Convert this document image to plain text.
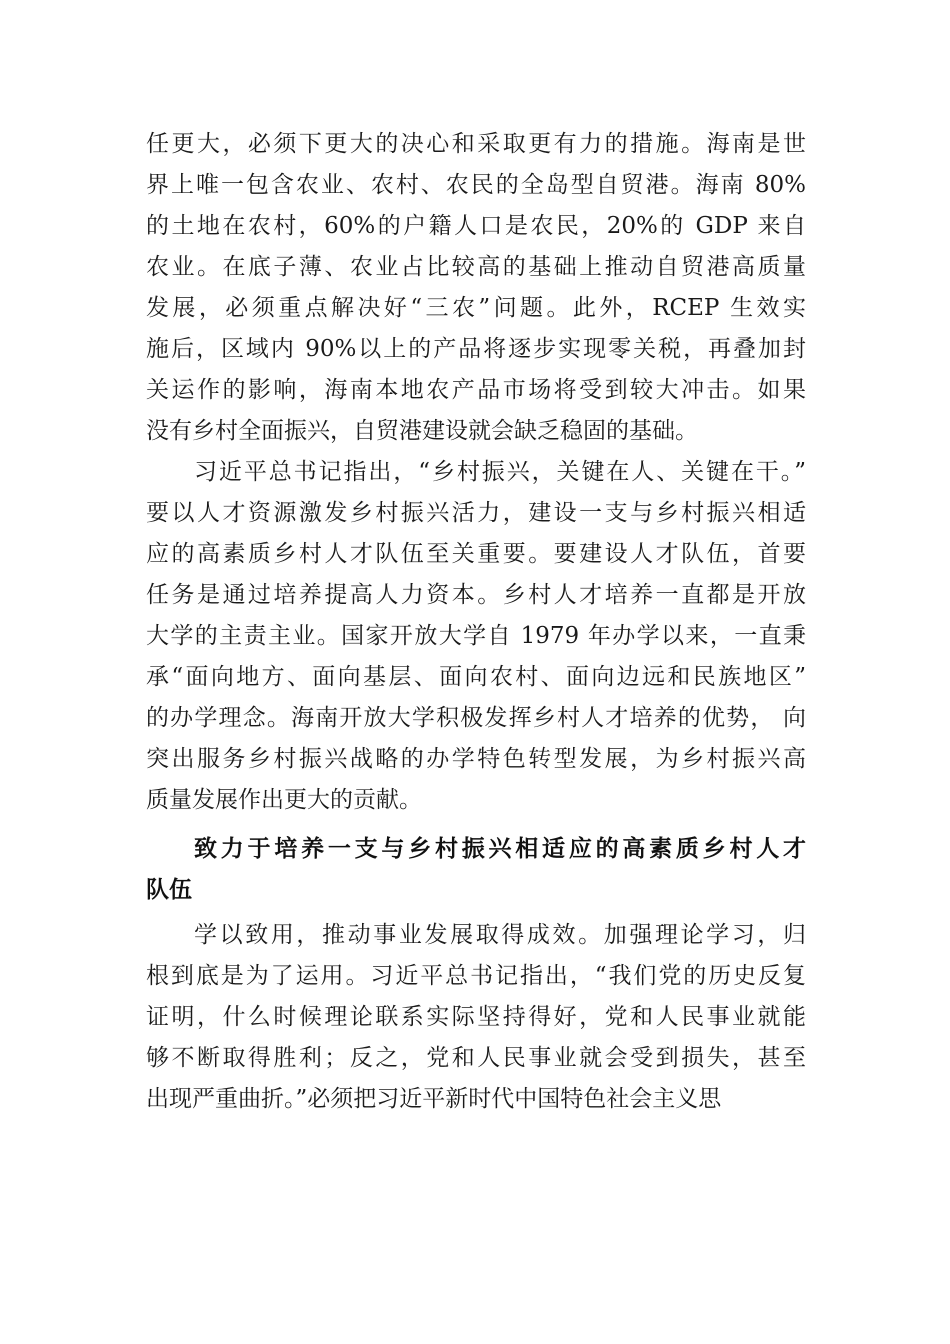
任更大，必须下更大的决心和采取更有力的措施。海南是世
界上唯一包含农业、农村、农民的全岛型自贸港。海南 80%
的土地在农村，60%的户籍人口是农民，20%的 GDP 来自
农业。在底子薄、农业占比较高的基础上推动自贸港高质量
发展，必须重点解决好“三农”问题。此外，RCEP 生效实
施后，区域内 90%以上的产品将逐步实现零关税，再叠加封
关运作的影响，海南本地农产品市场将受到较大冲击。如果
没有乡村全面振兴，自贸港建设就会缺乏稳固的基础。
习近平总书记指出，“乡村振兴，关键在人、关键在干。”
要以人才资源激发乡村振兴活力，建设一支与乡村振兴相适
应的高素质乡村人才队伍至关重要。要建设人才队伍，首要
任务是通过培养提高人力资本。乡村人才培养一直都是开放
大学的主责主业。国家开放大学自 1979 年办学以来，一直秉
承“面向地方、面向基层、面向农村、面向边远和民族地区”
的办学理念。海南开放大学积极发挥乡村人才培养的优势， 向
突出服务乡村振兴战略的办学特色转型发展，为乡村振兴高
质量发展作出更大的贡献。
致力于培养一支与乡村振兴相适应的高素质乡村人才
队伍
学以致用，推动事业发展取得成效。加强理论学习，归
根到底是为了运用。习近平总书记指出，“我们党的历史反复
证明，什么时候理论联系实际坚持得好，党和人民事业就能
够不断取得胜利；反之，党和人民事业就会受到损失，甚至
出现严重曲折。”必须把习近平新时代中国特色社会主义思
